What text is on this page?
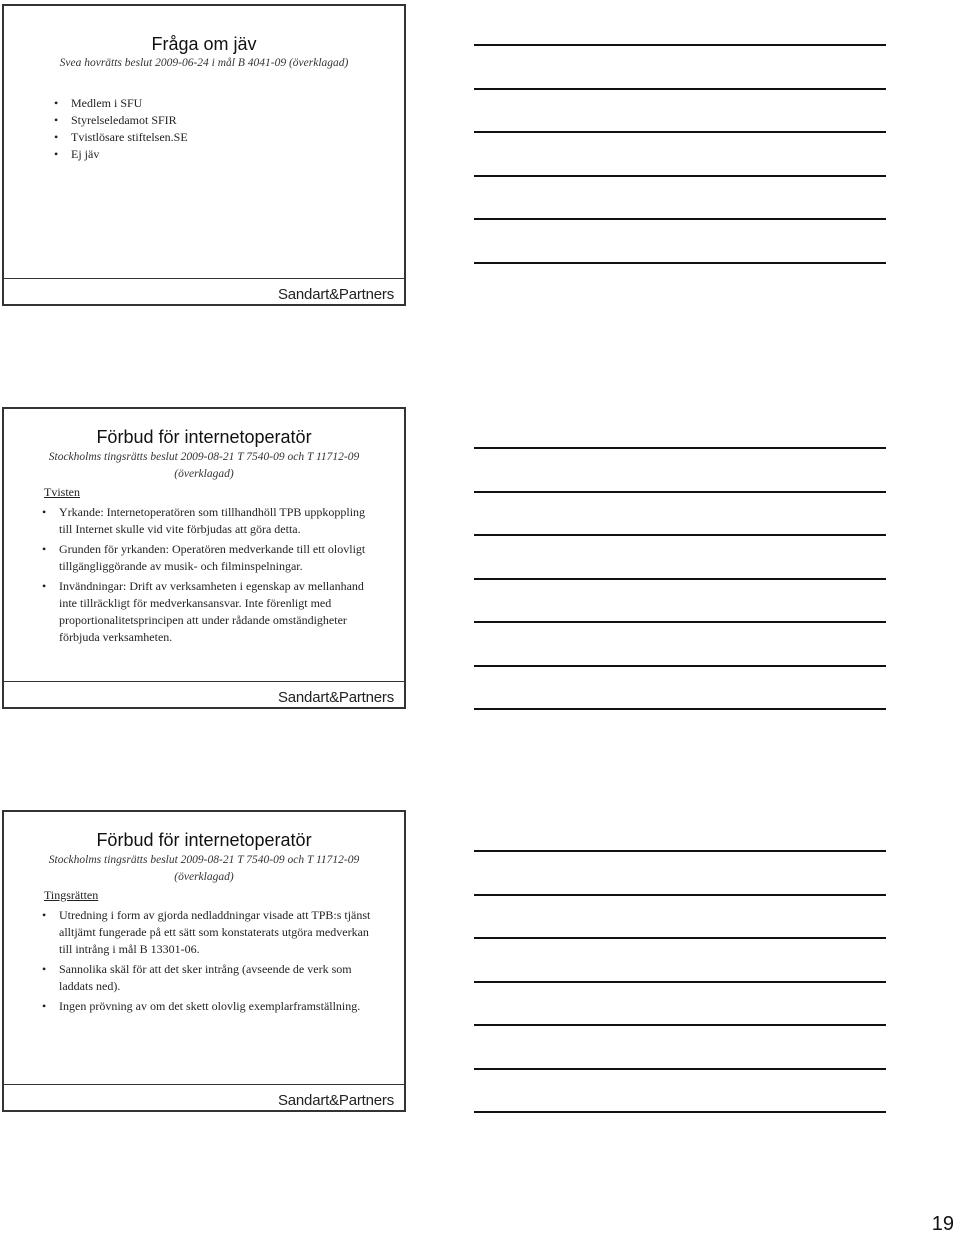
Fråga om jäv
Svea hovrätts beslut 2009-06-24 i mål B 4041-09 (överklagad)
• Medlem i SFU
• Styrelseledamot SFIR
• Tvistlösare stiftelsen.SE
• Ej jäv
Sandart&Partners
Förbud för internetoperatör
Stockholms tingsrätts beslut 2009-08-21 T 7540-09 och T 11712-09 (överklagad)
Tvisten
• Yrkande: Internetoperatören som tillhandhöll TPB uppkoppling till Internet skulle vid vite förbjudas att göra detta.
• Grunden för yrkanden: Operatören medverkande till ett olovligt tillgängliggörande av musik- och filminspelningar.
• Invändningar: Drift av verksamheten i egenskap av mellanhand inte tillräckligt för medverkansansvar. Inte förenligt med proportionalitetsprincipen att under rådande omständigheter förbjuda verksamheten.
Sandart&Partners
Förbud för internetoperatör
Stockholms tingsrätts beslut 2009-08-21 T 7540-09 och T 11712-09 (överklagad)
Tingsrätten
• Utredning i form av gjorda nedladdningar visade att TPB:s tjänst alltjämt fungerade på ett sätt som konstaterats utgöra medverkan till intrång i mål B 13301-06.
• Sannolika skäl för att det sker intrång (avseende de verk som laddats ned).
• Ingen prövning av om det skett olovlig exemplarframställning.
Sandart&Partners
19
